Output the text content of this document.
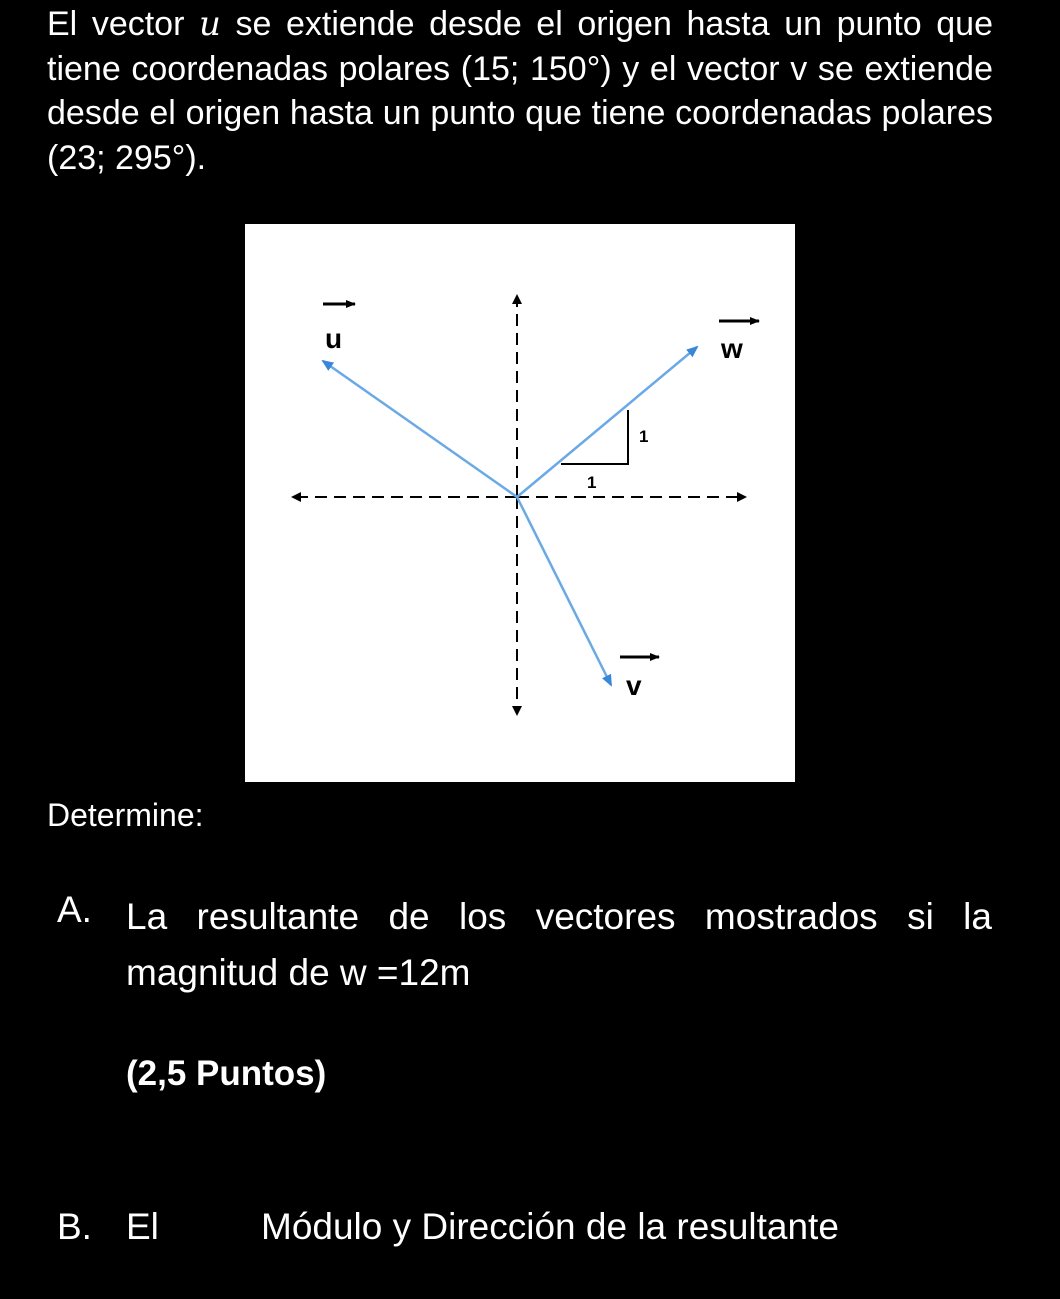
El vector u se extiende desde el origen hasta un punto que tiene coordenadas polares (15; 150°) y el vector v se extiende desde el origen hasta un punto que tiene coordenadas polares (23; 295°).
1
1
u	w
v
Determine:
A. La resultante de los vectores mostrados si la magnitud de w =12m
(2,5 Puntos)
B. El	Módulo y Dirección de la resultante
